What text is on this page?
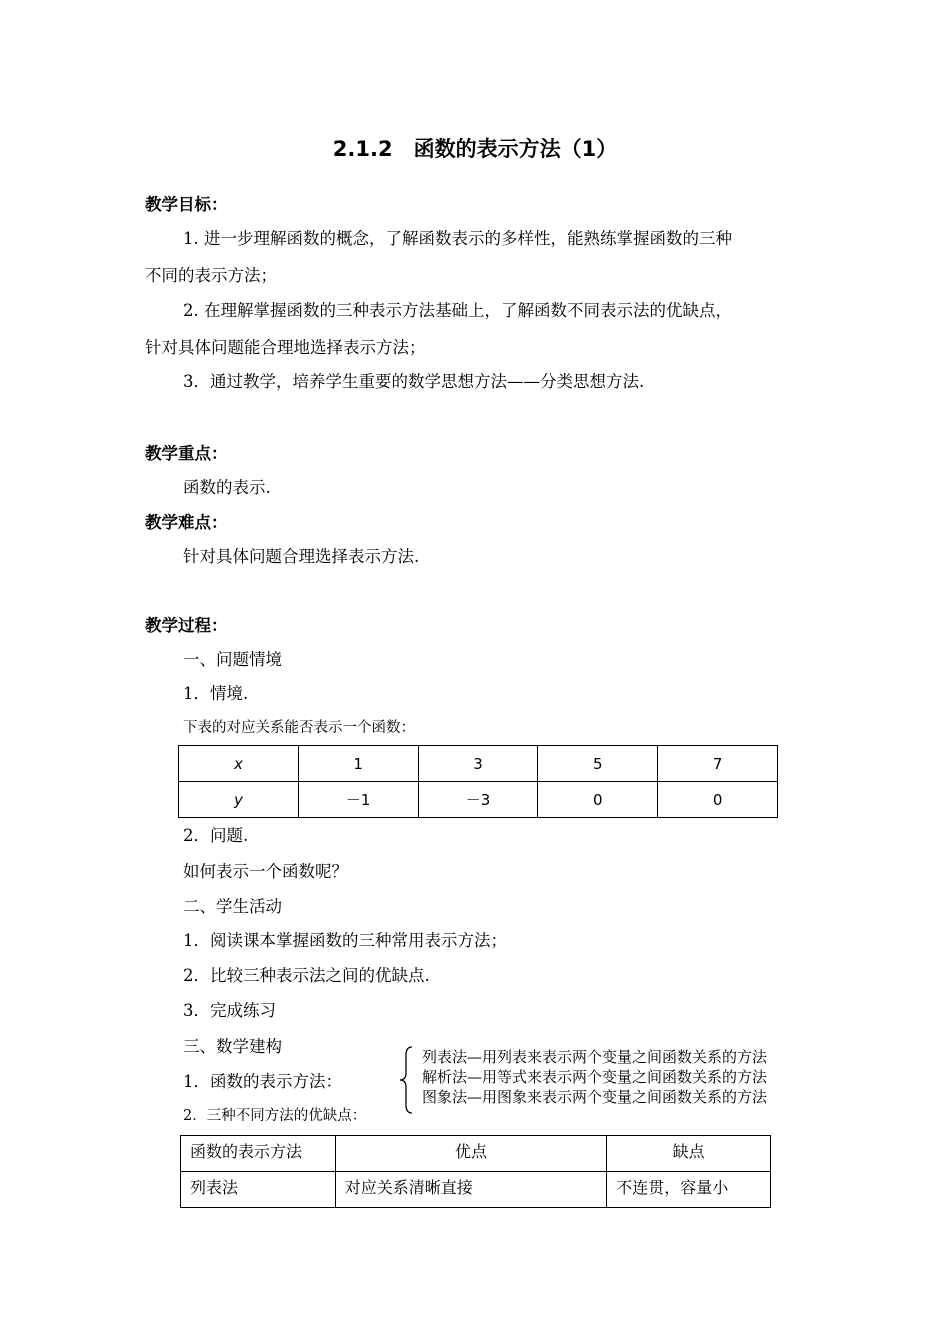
2.1.2　函数的表示方法（1）
教学目标：
1. 进一步理解函数的概念，了解函数表示的多样性，能熟练掌握函数的三种
不同的表示方法；
2. 在理解掌握函数的三种表示方法基础上，了解函数不同表示法的优缺点，
针对具体问题能合理地选择表示方法；
3．通过教学，培养学生重要的数学思想方法——分类思想方法.
教学重点：
函数的表示.
教学难点：
针对具体问题合理选择表示方法.
教学过程：
一、问题情境
1．情境.
下表的对应关系能否表示一个函数：
x	1	3	5	7
y	－1	－3	0	0
2．问题.
如何表示一个函数呢？
二、学生活动
1．阅读课本掌握函数的三种常用表示方法；
2．比较三种表示法之间的优缺点.
3．完成练习
三、数学建构
1．函数的表示方法：
列表法—用列表来表示两个变量之间函数关系的方法
解析法—用等式来表示两个变量之间函数关系的方法
图象法—用图象来表示两个变量之间函数关系的方法
2．三种不同方法的优缺点：
函数的表示方法	优点	缺点
列表法	对应关系清晰直接	不连贯，容量小
